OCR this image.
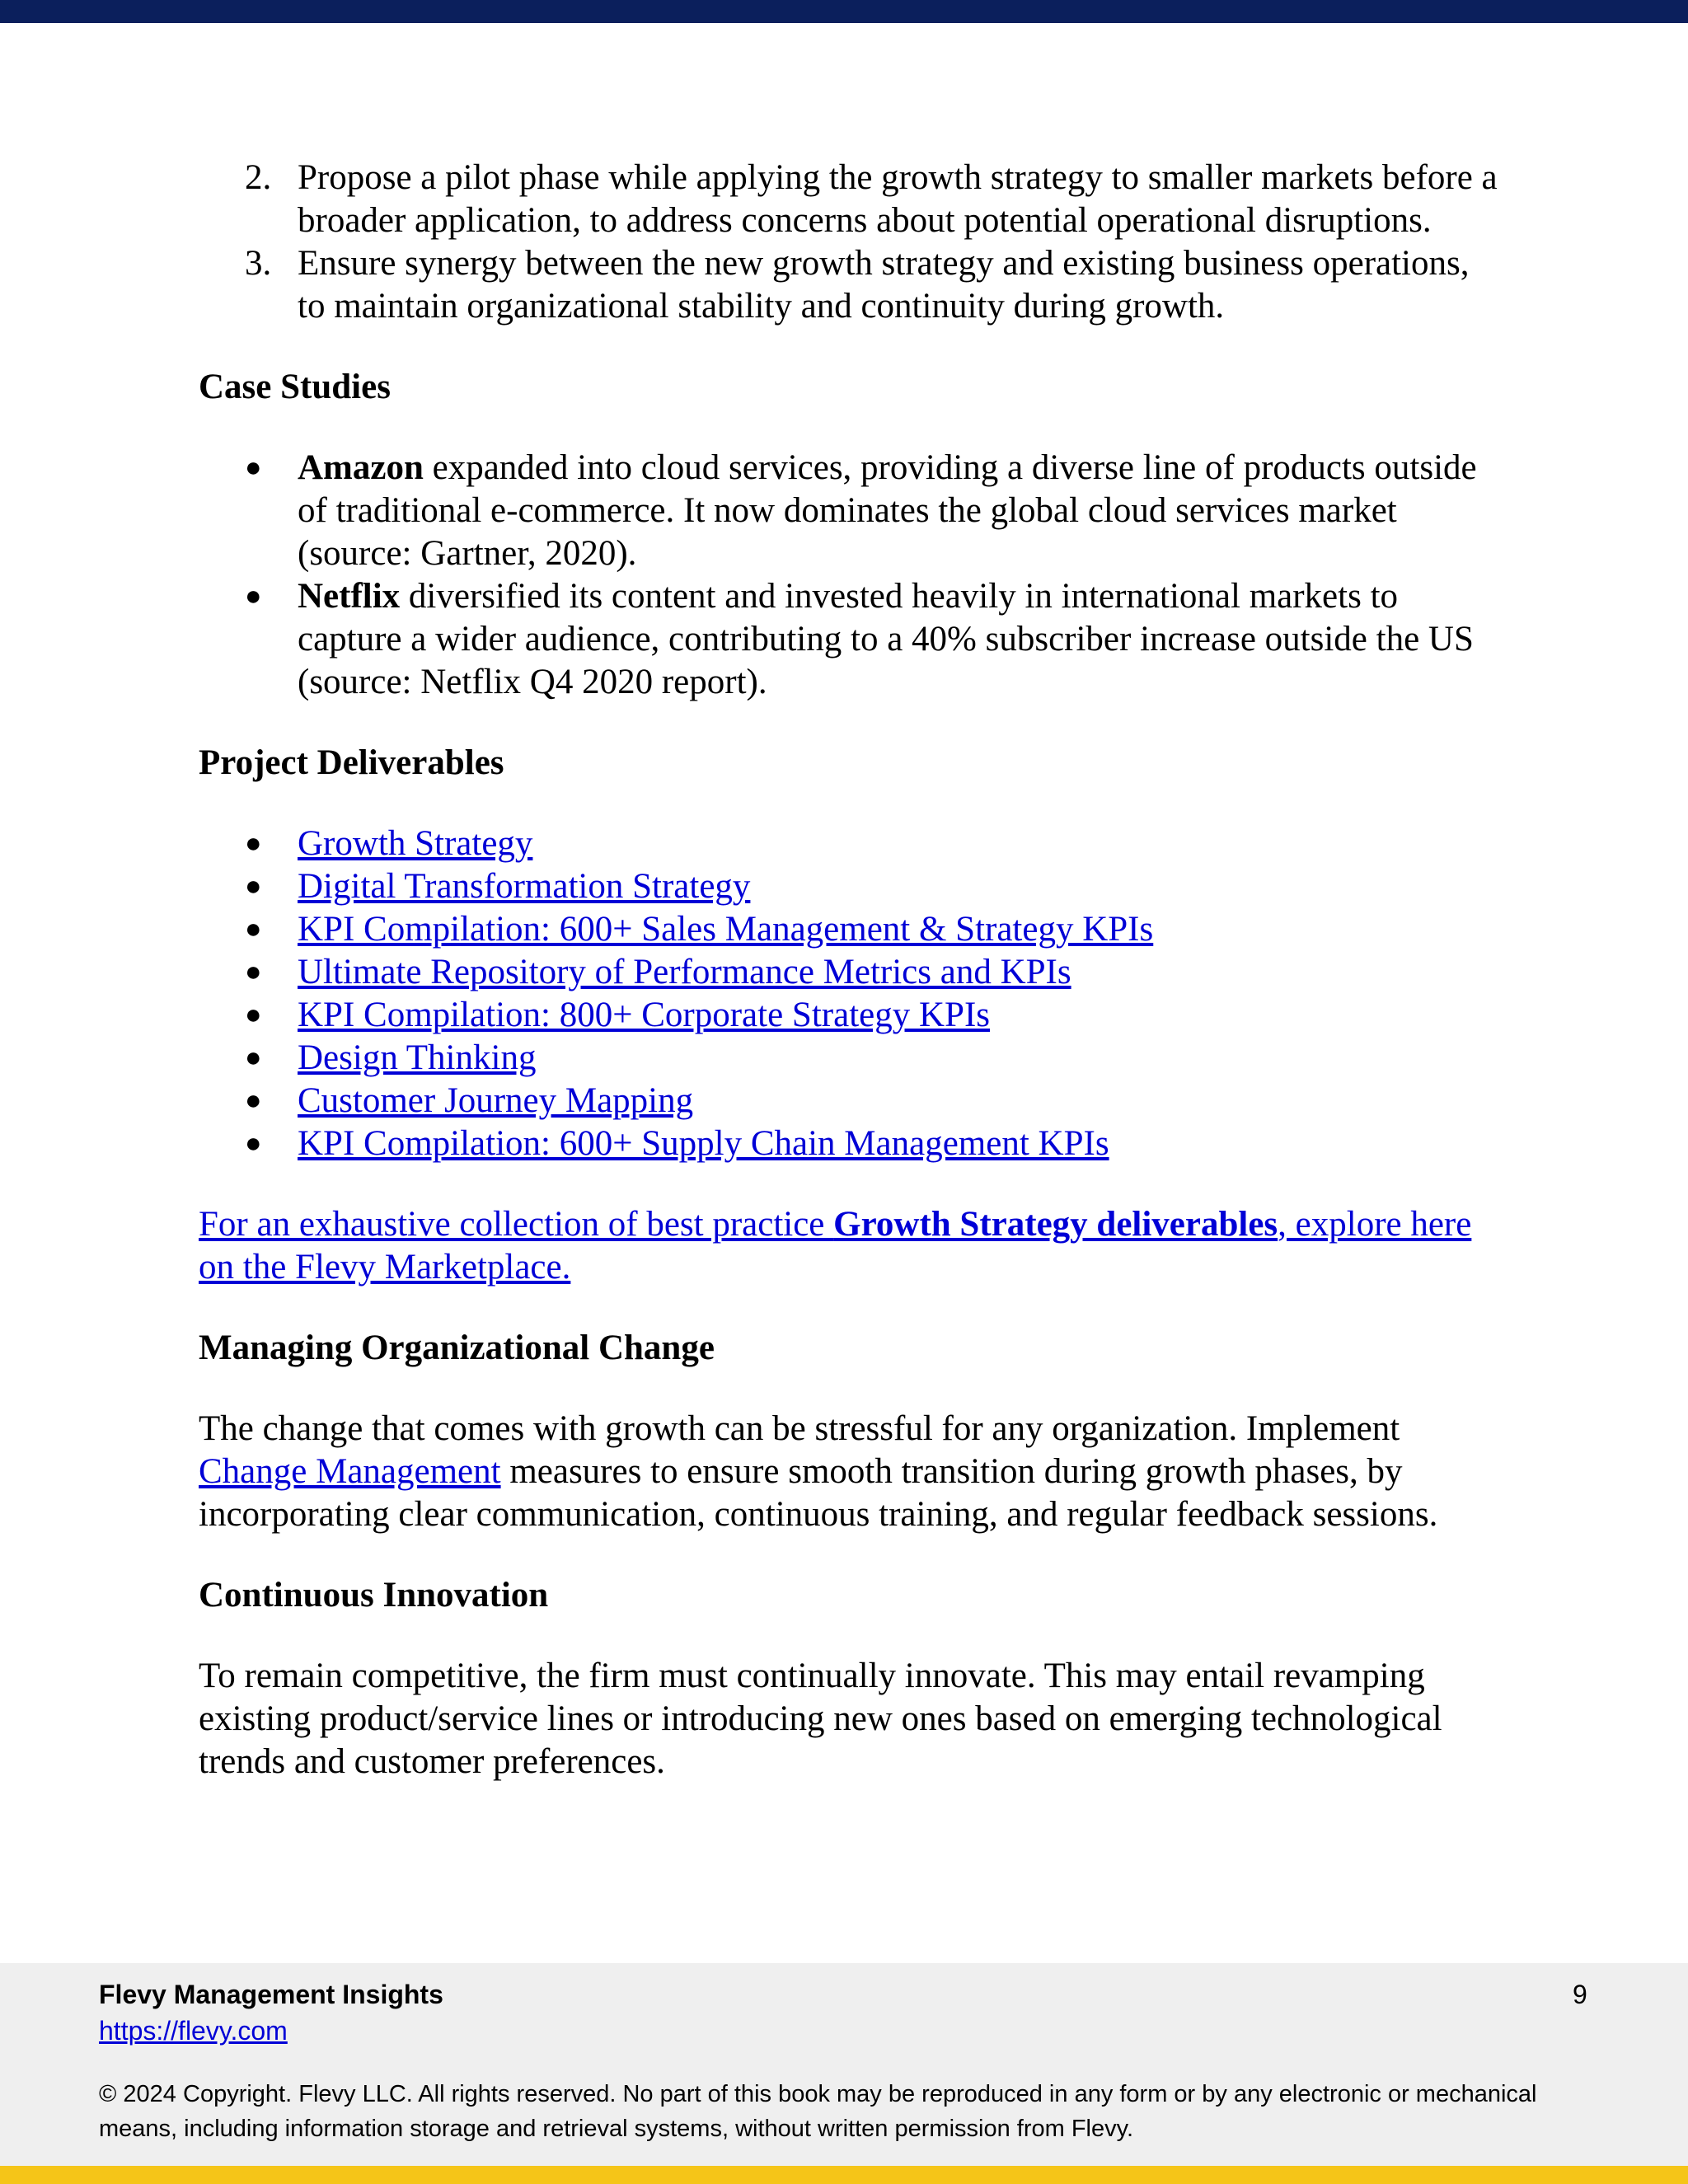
2. Propose a pilot phase while applying the growth strategy to smaller markets before a broader application, to address concerns about potential operational disruptions.
3. Ensure synergy between the new growth strategy and existing business operations, to maintain organizational stability and continuity during growth.

Case Studies

● Amazon expanded into cloud services, providing a diverse line of products outside of traditional e-commerce. It now dominates the global cloud services market (source: Gartner, 2020).
● Netflix diversified its content and invested heavily in international markets to capture a wider audience, contributing to a 40% subscriber increase outside the US (source: Netflix Q4 2020 report).

Project Deliverables

● Growth Strategy
● Digital Transformation Strategy
● KPI Compilation: 600+ Sales Management & Strategy KPIs
● Ultimate Repository of Performance Metrics and KPIs
● KPI Compilation: 800+ Corporate Strategy KPIs
● Design Thinking
● Customer Journey Mapping
● KPI Compilation: 600+ Supply Chain Management KPIs

For an exhaustive collection of best practice Growth Strategy deliverables, explore here on the Flevy Marketplace.

Managing Organizational Change

The change that comes with growth can be stressful for any organization. Implement Change Management measures to ensure smooth transition during growth phases, by incorporating clear communication, continuous training, and regular feedback sessions.

Continuous Innovation

To remain competitive, the firm must continually innovate. This may entail revamping existing product/service lines or introducing new ones based on emerging technological trends and customer preferences.

Flevy Management Insights
https://flevy.com
9
© 2024 Copyright. Flevy LLC. All rights reserved. No part of this book may be reproduced in any form or by any electronic or mechanical means, including information storage and retrieval systems, without written permission from Flevy.
